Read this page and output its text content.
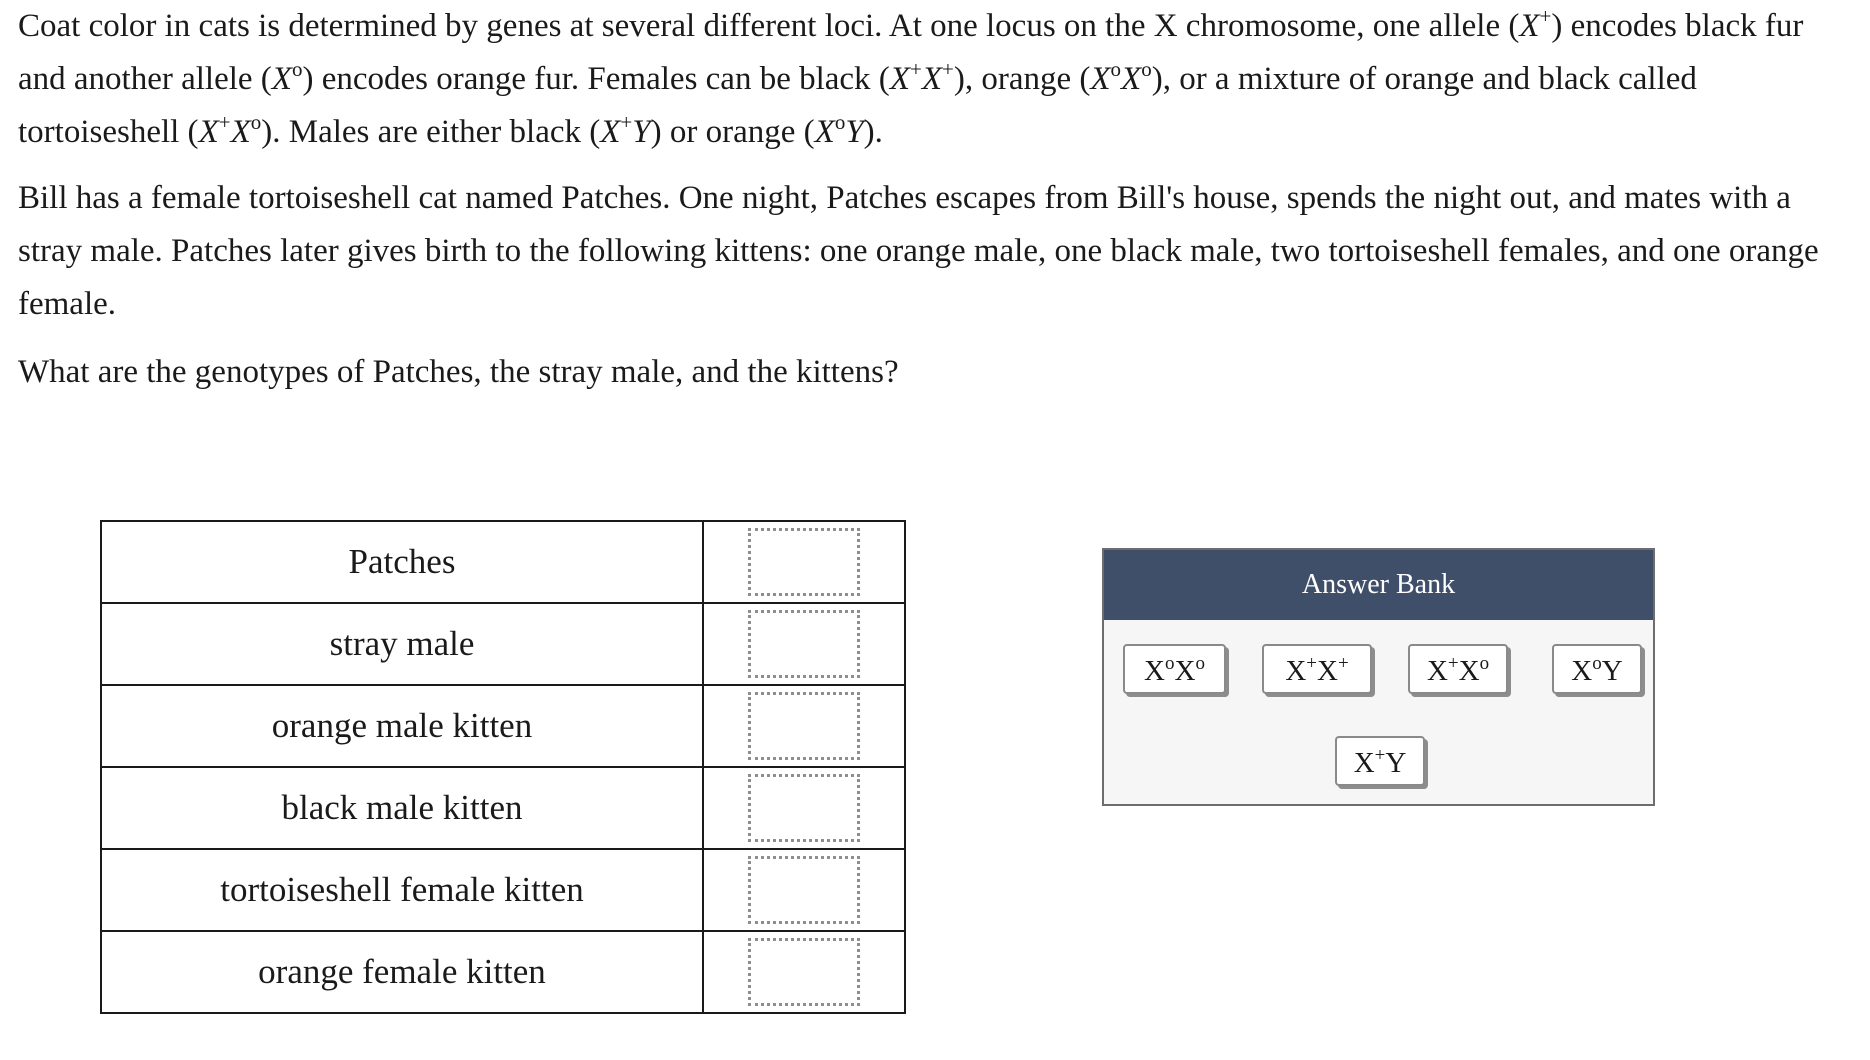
Coat color in cats is determined by genes at several different loci. At one locus on the X chromosome, one allele (X+) encodes black fur and another allele $(X^o)$ encodes orange fur. Females can be black (X+X+), orange $(X^oX^o)$, or a mixture of orange and black called tortoiseshell $(X^+X^o)$. Males are either black (X+Y) or orange $(X^oY)$.

Bill has a female tortoiseshell cat named Patches. One night, Patches escapes from Bill's house, spends the night out, and mates with a stray male. Patches later gives birth to the following kittens: one orange male, one black male, two tortoiseshell females, and one orange female.

What are the genotypes of Patches, the stray male, and the kittens?

Patches	

stray male	

orange male kitten	

black male kitten	

tortoiseshell female kitten	

orange female kitten	
Answer Bank
$X^oX^o$	X+X+	$X^+X^o$	$X^oY$
X+Y
